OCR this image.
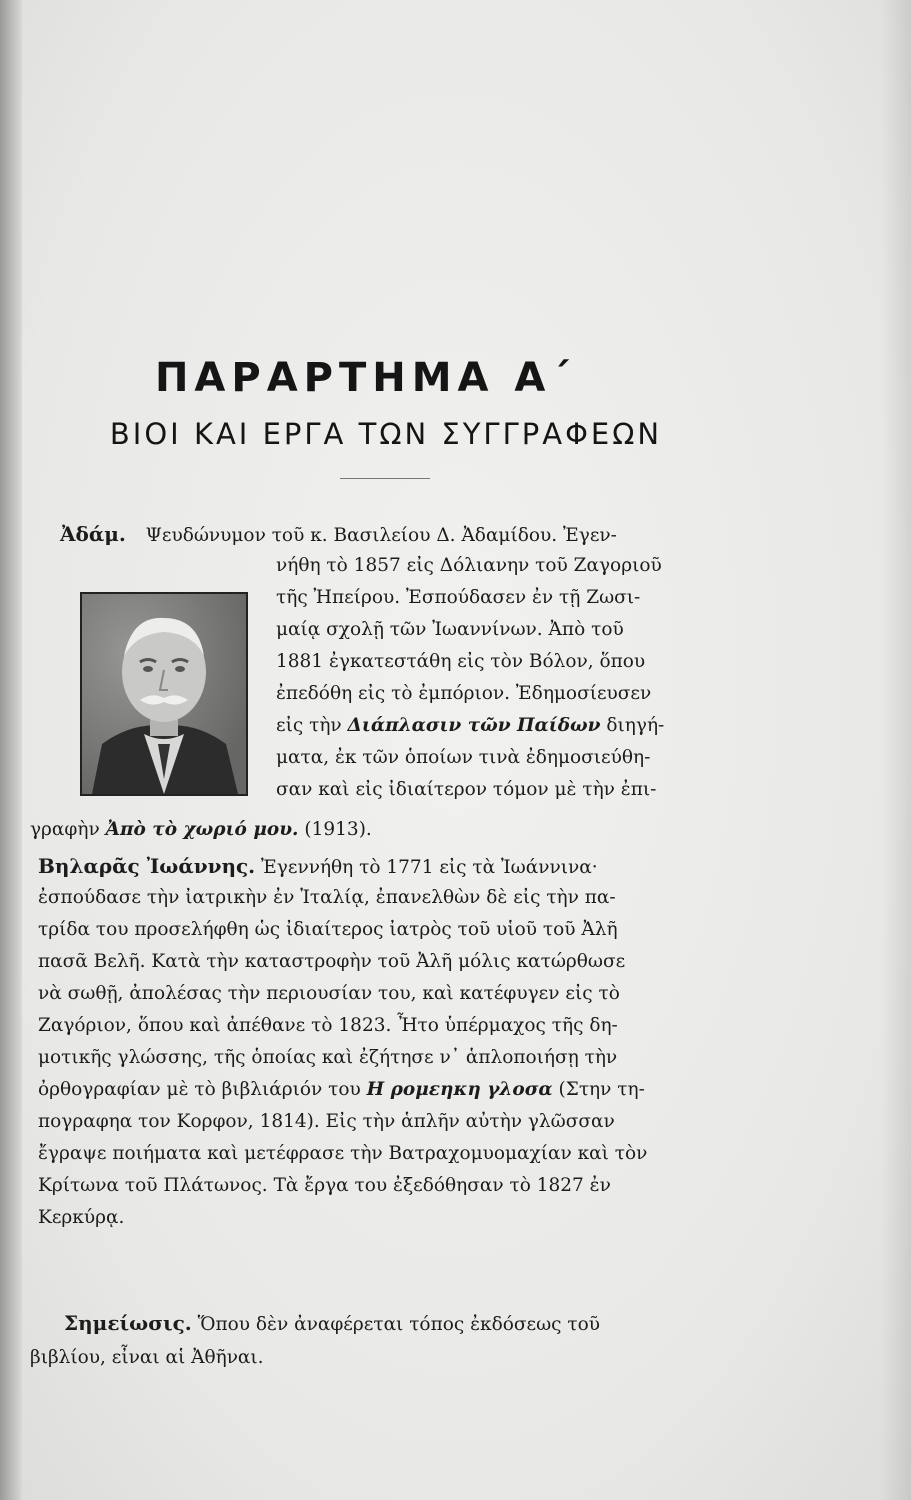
ΠΑΡΑΡΤΗΜΑ Α΄
ΒΙΟΙ ΚΑΙ ΕΡΓΑ ΤΩΝ ΣΥΓΓΡΑΦΕΩΝ
Ἀδάμ. Ψευδώνυμον τοῦ κ. Βασιλείου Δ. Ἀδαμίδου. Ἐγεν-
νήθη τὸ 1857 εἰς Δόλιανην τοῦ Ζαγοριοῦ
τῆς Ἠπείρου. Ἐσπούδασεν ἐν τῇ Ζωσι-
μαίᾳ σχολῇ τῶν Ἰωαννίνων. Ἀπὸ τοῦ
1881 ἐγκατεστάθη εἰς τὸν Βόλον, ὅπου
ἐπεδόθη εἰς τὸ ἐμπόριον. Ἐδημοσίευσεν
εἰς τὴν Διάπλασιν τῶν Παίδων διηγή-
ματα, ἐκ τῶν ὁποίων τινὰ ἐδημοσιεύθη-
σαν καὶ εἰς ἰδιαίτερον τόμον μὲ τὴν ἐπι-
γραφὴν Ἀπὸ τὸ χωριό μου. (1913).
Βηλαρᾶς Ἰωάννης. Ἐγεννήθη τὸ 1771 εἰς τὰ Ἰωάννινα·
ἐσπούδασε τὴν ἰατρικὴν ἐν Ἰταλίᾳ, ἐπανελθὼν δὲ εἰς τὴν πα-
τρίδα του προσελήφθη ὡς ἰδιαίτερος ἰατρὸς τοῦ υἱοῦ τοῦ Ἀλῆ
πασᾶ Βελῆ. Κατὰ τὴν καταστροφὴν τοῦ Ἀλῆ μόλις κατώρθωσε
νὰ σωθῇ, ἀπολέσας τὴν περιουσίαν του, καὶ κατέφυγεν εἰς τὸ
Ζαγόριον, ὅπου καὶ ἀπέθανε τὸ 1823. Ἦτο ὑπέρμαχος τῆς δη-
μοτικῆς γλώσσης, τῆς ὁποίας καὶ ἐζήτησε ν᾿ ἁπλοποιήσῃ τὴν
ὀρθογραφίαν μὲ τὸ βιβλιάριόν του Η ρομεηκη γλοσα (Στην τη-
πογραφηα τον Κορφον, 1814). Εἰς τὴν ἁπλῆν αὐτὴν γλῶσσαν
ἔγραψε ποιήματα καὶ μετέφρασε τὴν Βατραχομυομαχίαν καὶ τὸν
Κρίτωνα τοῦ Πλάτωνος. Τὰ ἔργα του ἐξεδόθησαν τὸ 1827 ἐν
Κερκύρᾳ.
Σημείωσις. Ὅπου δὲν ἀναφέρεται τόπος ἐκδόσεως τοῦ
βιβλίου, εἶναι αἱ Ἀθῆναι.
